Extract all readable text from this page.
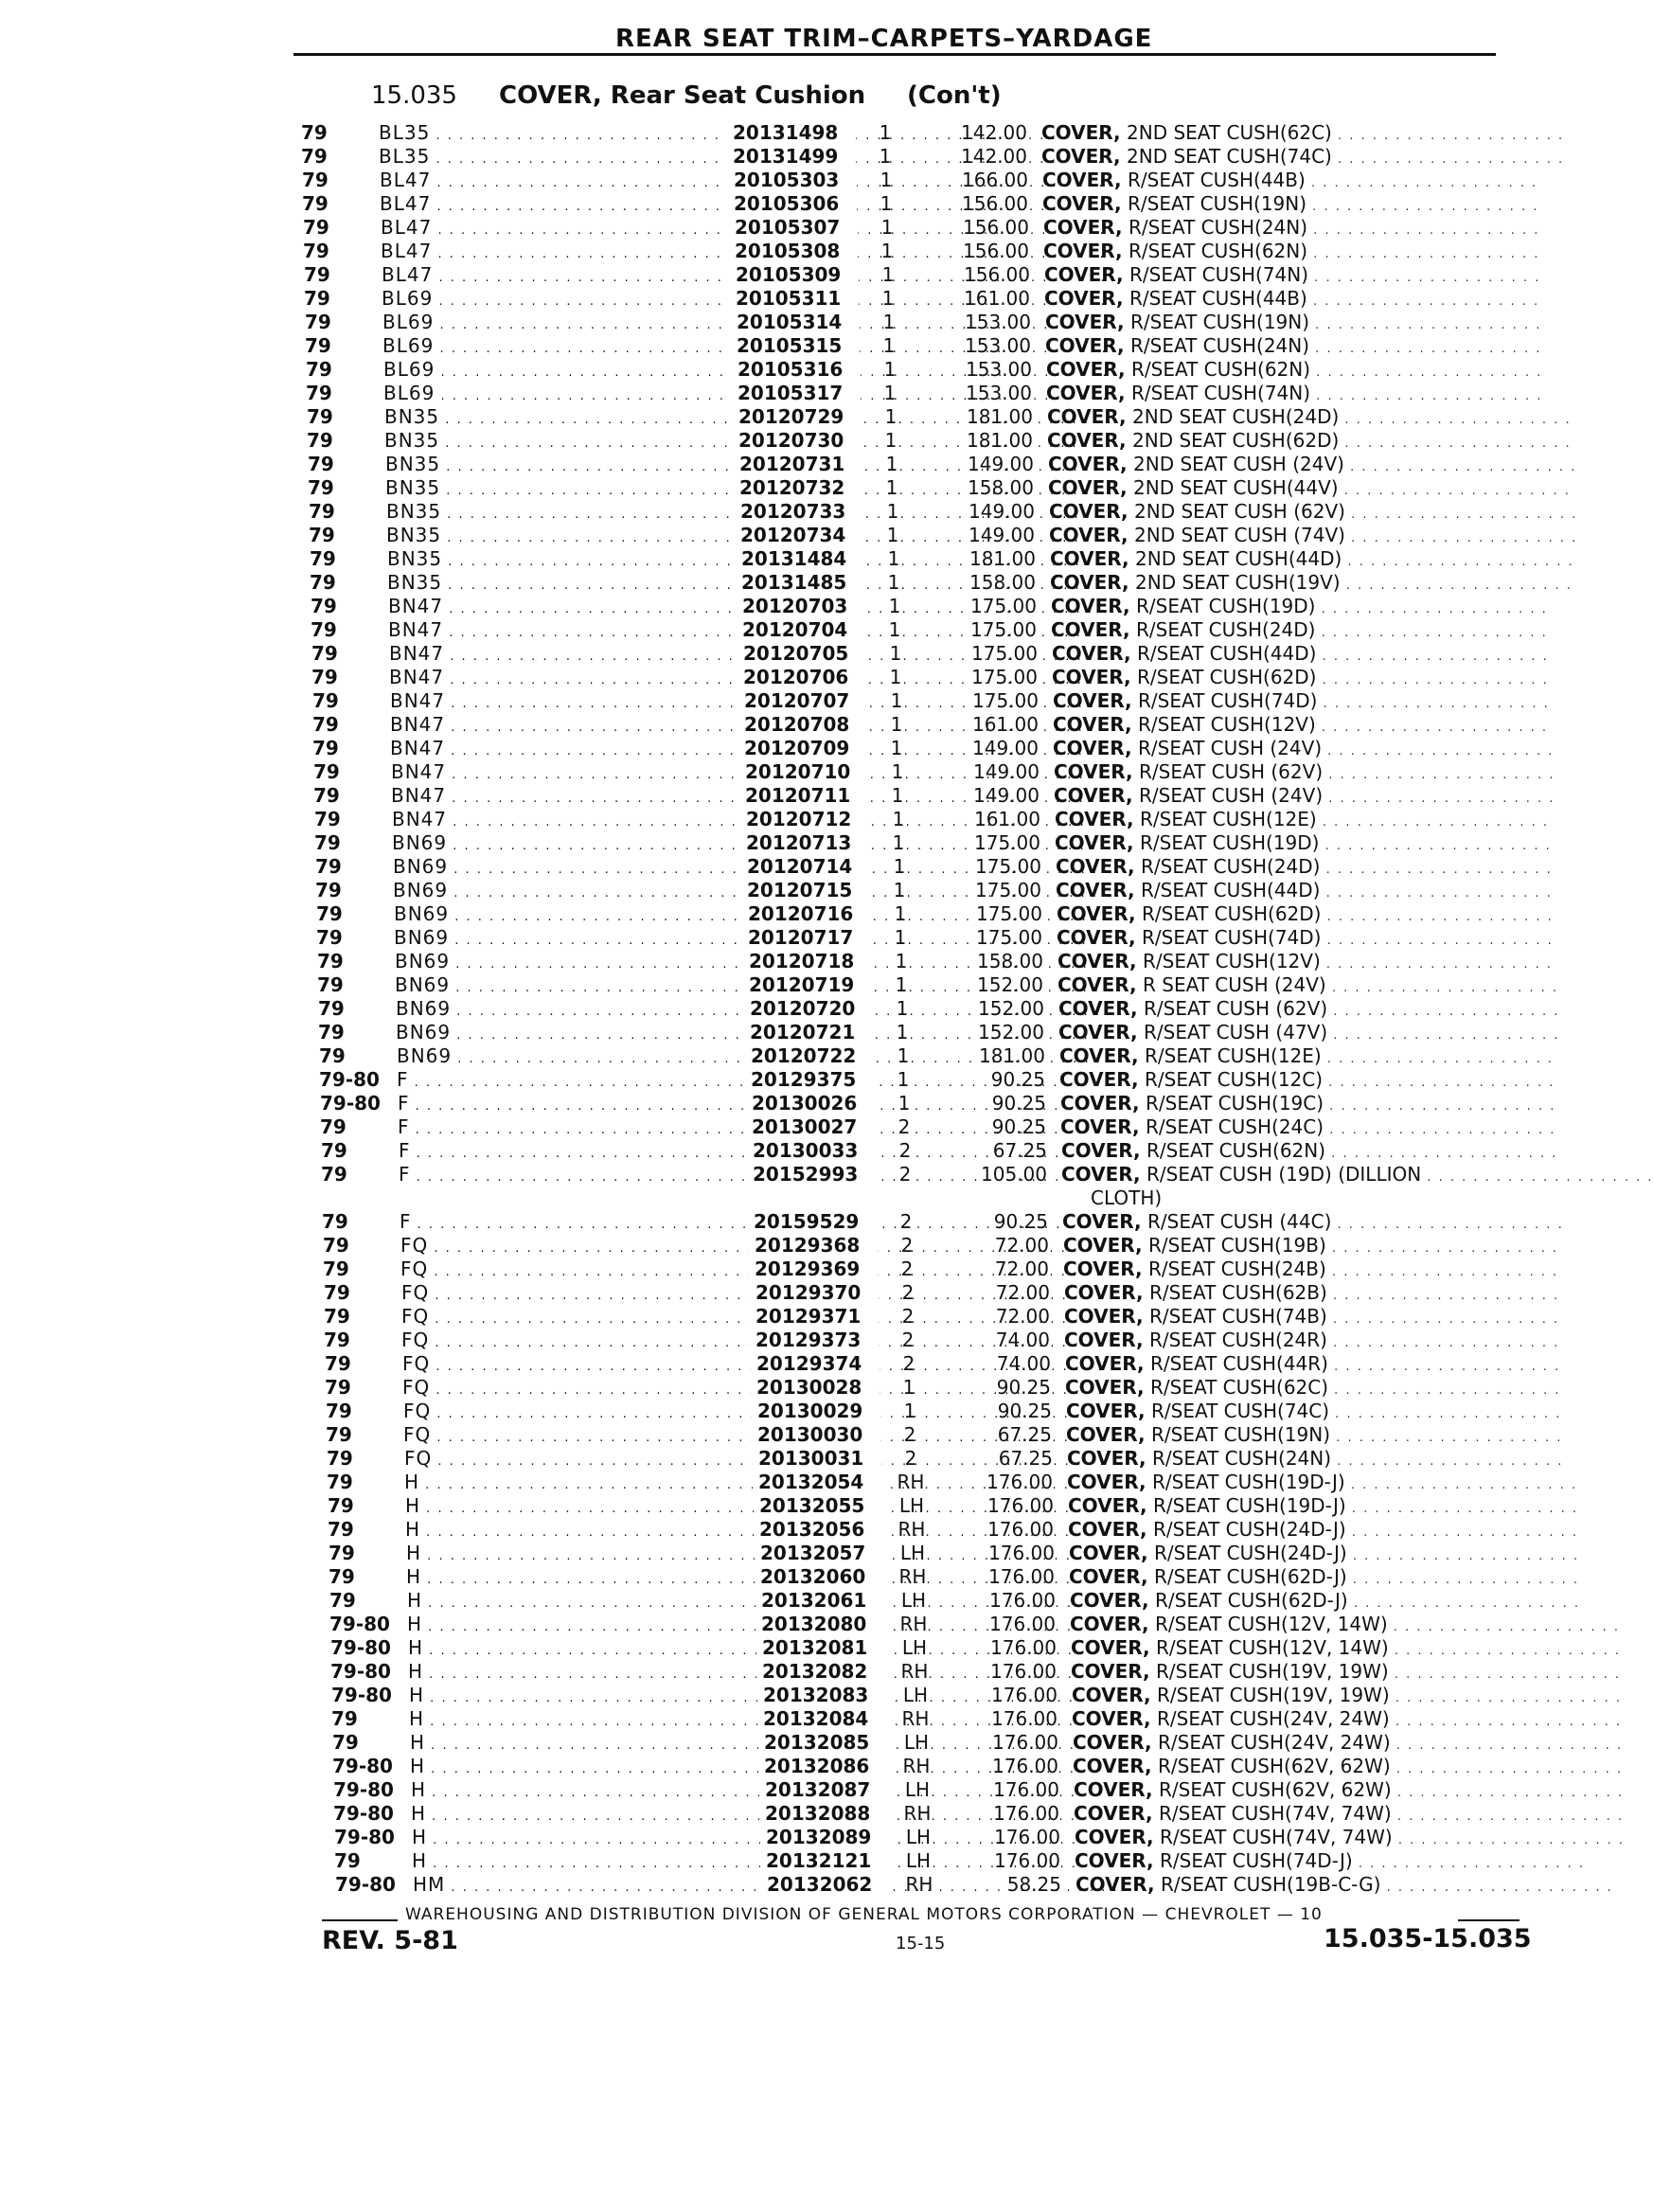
REAR SEAT TRIM–CARPETS–YARDAGE
15.035 COVER, Rear Seat Cushion (Con't)
79	BL35 . . .	20131498	1	142.00 COVER, 2ND SEAT CUSH(62C) . . . . . . . . . . . . . . . . . . . .
79	BL35 . . .	20131499	1	142.00 COVER, 2ND SEAT CUSH(74C) . . . . . . . . . . . . . . . . . . . .
79	BL47 . . .	20105303	1	166.00 COVER, R/SEAT CUSH(44B) . . . . . . . . . . . . . . . . . . . .
79	BL47 . . .	20105306	1	156.00 COVER, R/SEAT CUSH(19N) . . . . . . . . . . . . . . . . . . . .
79	BL47 . . .	20105307	1	156.00 COVER, R/SEAT CUSH(24N) . . . . . . . . . . . . . . . . . . . .
79	BL47 . . .	20105308	1	156.00 COVER, R/SEAT CUSH(62N) . . . . . . . . . . . . . . . . . . . .
79	BL47 . . .	20105309	1	156.00 COVER, R/SEAT CUSH(74N) . . . . . . . . . . . . . . . . . . . .
79	BL69 . . .	20105311	1	161.00 COVER, R/SEAT CUSH(44B) . . . . . . . . . . . . . . . . . . . .
79	BL69 . . .	20105314	1	153.00 COVER, R/SEAT CUSH(19N) . . . . . . . . . . . . . . . . . . . .
79	BL69 . . .	20105315	1	153.00 COVER, R/SEAT CUSH(24N) . . . . . . . . . . . . . . . . . . . .
79	BL69 . . .	20105316	1	153.00 COVER, R/SEAT CUSH(62N) . . . . . . . . . . . . . . . . . . . .
79	BL69 . . .	20105317	1	153.00 COVER, R/SEAT CUSH(74N) . . . . . . . . . . . . . . . . . . . .
79	BN35 . . .	20120729	1	181.00 COVER, 2ND SEAT CUSH(24D) . . . . . . . . . . . . . . . . . . . .
79	BN35 . . .	20120730	1	181.00 COVER, 2ND SEAT CUSH(62D) . . . . . . . . . . . . . . . . . . . .
79	BN35 . . .	20120731	1	149.00 COVER, 2ND SEAT CUSH (24V) . . . . . . . . . . . . . . . . . . . .
79	BN35 . . .	20120732	1	158.00 COVER, 2ND SEAT CUSH(44V) . . . . . . . . . . . . . . . . . . . .
79	BN35 . . .	20120733	1	149.00 COVER, 2ND SEAT CUSH (62V) . . . . . . . . . . . . . . . . . . . .
79	BN35 . . .	20120734	1	149.00 COVER, 2ND SEAT CUSH (74V) . . . . . . . . . . . . . . . . . . . .
79	BN35 . . .	20131484	1	181.00 COVER, 2ND SEAT CUSH(44D) . . . . . . . . . . . . . . . . . . . .
79	BN35 . . .	20131485	1	158.00 COVER, 2ND SEAT CUSH(19V) . . . . . . . . . . . . . . . . . . . .
79	BN47 . . .	20120703	1	175.00 COVER, R/SEAT CUSH(19D) . . . . . . . . . . . . . . . . . . . .
79	BN47 . . .	20120704	1	175.00 COVER, R/SEAT CUSH(24D) . . . . . . . . . . . . . . . . . . . .
79	BN47 . . .	20120705	1	175.00 COVER, R/SEAT CUSH(44D) . . . . . . . . . . . . . . . . . . . .
79	BN47 . . .	20120706	1	175.00 COVER, R/SEAT CUSH(62D) . . . . . . . . . . . . . . . . . . . .
79	BN47 . . .	20120707	1	175.00 COVER, R/SEAT CUSH(74D) . . . . . . . . . . . . . . . . . . . .
79	BN47 . . .	20120708	1	161.00 COVER, R/SEAT CUSH(12V) . . . . . . . . . . . . . . . . . . . .
79	BN47 . . .	20120709	1	149.00 COVER, R/SEAT CUSH (24V) . . . . . . . . . . . . . . . . . . . .
79	BN47 . . .	20120710	1	149.00 COVER, R/SEAT CUSH (62V) . . . . . . . . . . . . . . . . . . . .
79	BN47 . . .	20120711	1	149.00 COVER, R/SEAT CUSH (24V) . . . . . . . . . . . . . . . . . . . .
79	BN47 . . .	20120712	1	161.00 COVER, R/SEAT CUSH(12E) . . . . . . . . . . . . . . . . . . . .
79	BN69 . . .	20120713	1	175.00 COVER, R/SEAT CUSH(19D) . . . . . . . . . . . . . . . . . . . .
79	BN69 . . .	20120714	1	175.00 COVER, R/SEAT CUSH(24D) . . . . . . . . . . . . . . . . . . . .
79	BN69 . . .	20120715	1	175.00 COVER, R/SEAT CUSH(44D) . . . . . . . . . . . . . . . . . . . .
79	BN69 . . .	20120716	1	175.00 COVER, R/SEAT CUSH(62D) . . . . . . . . . . . . . . . . . . . .
79	BN69 . . .	20120717	1	175.00 COVER, R/SEAT CUSH(74D) . . . . . . . . . . . . . . . . . . . .
79	BN69 . . .	20120718	1	158.00 COVER, R/SEAT CUSH(12V) . . . . . . . . . . . . . . . . . . . .
79	BN69 . . .	20120719	1	152.00 COVER, R SEAT CUSH (24V) . . . . . . . . . . . . . . . . . . . .
79	BN69 . . .	20120720	1	152.00 COVER, R/SEAT CUSH (62V) . . . . . . . . . . . . . . . . . . . .
79	BN69 . . .	20120721	1	152.00 COVER, R/SEAT CUSH (47V) . . . . . . . . . . . . . . . . . . . .
79	BN69 . . .	20120722	1	181.00 COVER, R/SEAT CUSH(12E) . . . . . . . . . . . . . . . . . . . .
79-80 F . . .	20129375	1	90.25 COVER, R/SEAT CUSH(12C) . . . . . . . . . . . . . . . . . . . .
79-80 F . . .	20130026	1	90.25 COVER, R/SEAT CUSH(19C) . . . . . . . . . . . . . . . . . . . .
79	F . . .	20130027	2	90.25 COVER, R/SEAT CUSH(24C) . . . . . . . . . . . . . . . . . . . .
79	F . . .	20130033	2	67.25 COVER, R/SEAT CUSH(62N) . . . . . . . . . . . . . . . . . . . .
79	F . . .	20152993	2	105.00 COVER, R/SEAT CUSH (19D) (DILLION . . . . . . . . . . . . . . . . . . . .
CLOTH)
79	F . . .	20159529	2	90.25 COVER, R/SEAT CUSH (44C) . . . . . . . . . . . . . . . . . . . .
79	FQ . . .	20129368	2	72.00 COVER, R/SEAT CUSH(19B) . . . . . . . . . . . . . . . . . . . .
79	FQ . . .	20129369	2	72.00 COVER, R/SEAT CUSH(24B) . . . . . . . . . . . . . . . . . . . .
79	FQ . . .	20129370	2	72.00 COVER, R/SEAT CUSH(62B) . . . . . . . . . . . . . . . . . . . .
79	FQ . . .	20129371	2	72.00 COVER, R/SEAT CUSH(74B) . . . . . . . . . . . . . . . . . . . .
79	FQ . . .	20129373	2	74.00 COVER, R/SEAT CUSH(24R) . . . . . . . . . . . . . . . . . . . .
79	FQ . . .	20129374	2	74.00 COVER, R/SEAT CUSH(44R) . . . . . . . . . . . . . . . . . . . .
79	FQ . . .	20130028	1	90.25 COVER, R/SEAT CUSH(62C) . . . . . . . . . . . . . . . . . . . .
79	FQ . . .	20130029	1	90.25 COVER, R/SEAT CUSH(74C) . . . . . . . . . . . . . . . . . . . .
79	FQ . . .	20130030	2	67.25 COVER, R/SEAT CUSH(19N) . . . . . . . . . . . . . . . . . . . .
79	FQ . . .	20130031	2	67.25 COVER, R/SEAT CUSH(24N) . . . . . . . . . . . . . . . . . . . .
79	H . . .	20132054	RH	176.00 COVER, R/SEAT CUSH(19D-J) . . . . . . . . . . . . . . . . . . . .
79	H . . .	20132055	LH	176.00 COVER, R/SEAT CUSH(19D-J) . . . . . . . . . . . . . . . . . . . .
79	H . . .	20132056	RH	176.00 COVER, R/SEAT CUSH(24D-J) . . . . . . . . . . . . . . . . . . . .
79	H . . .	20132057	LH	176.00 COVER, R/SEAT CUSH(24D-J) . . . . . . . . . . . . . . . . . . . .
79	H . . .	20132060	RH	176.00 COVER, R/SEAT CUSH(62D-J) . . . . . . . . . . . . . . . . . . . .
79	H . . .	20132061	LH	176.00 COVER, R/SEAT CUSH(62D-J) . . . . . . . . . . . . . . . . . . . .
79-80 H . . .	20132080	RH	176.00 COVER, R/SEAT CUSH(12V, 14W) . . . . . . . . . . . . . . . . . . . .
79-80 H . . .	20132081	LH	176.00 COVER, R/SEAT CUSH(12V, 14W) . . . . . . . . . . . . . . . . . . . .
79-80 H . . .	20132082	RH	176.00 COVER, R/SEAT CUSH(19V, 19W) . . . . . . . . . . . . . . . . . . . .
79-80 H . . .	20132083	LH	176.00 COVER, R/SEAT CUSH(19V, 19W) . . . . . . . . . . . . . . . . . . . .
79	H . . .	20132084	RH	176.00 COVER, R/SEAT CUSH(24V, 24W) . . . . . . . . . . . . . . . . . . . .
79	H . . .	20132085	LH	176.00 COVER, R/SEAT CUSH(24V, 24W) . . . . . . . . . . . . . . . . . . . .
79-80 H . . .	20132086	RH	176.00 COVER, R/SEAT CUSH(62V, 62W) . . . . . . . . . . . . . . . . . . . .
79-80 H . . .	20132087	LH	176.00 COVER, R/SEAT CUSH(62V, 62W) . . . . . . . . . . . . . . . . . . . .
79-80 H . . .	20132088	RH	176.00 COVER, R/SEAT CUSH(74V, 74W) . . . . . . . . . . . . . . . . . . . .
79-80 H . . .	20132089	LH	176.00 COVER, R/SEAT CUSH(74V, 74W) . . . . . . . . . . . . . . . . . . . .
79	H . . .	20132121	LH	176.00 COVER, R/SEAT CUSH(74D-J) . . . . . . . . . . . . . . . . . . . .
79-80 HM . . .	20132062	RH	58.25 COVER, R/SEAT CUSH(19B-C-G) . . . . . . . . . . . . . . . . . . . .
WAREHOUSING AND DISTRIBUTION DIVISION OF GENERAL MOTORS CORPORATION — CHEVROLET — 10
REV. 5-81	15-15	15.035-15.035
